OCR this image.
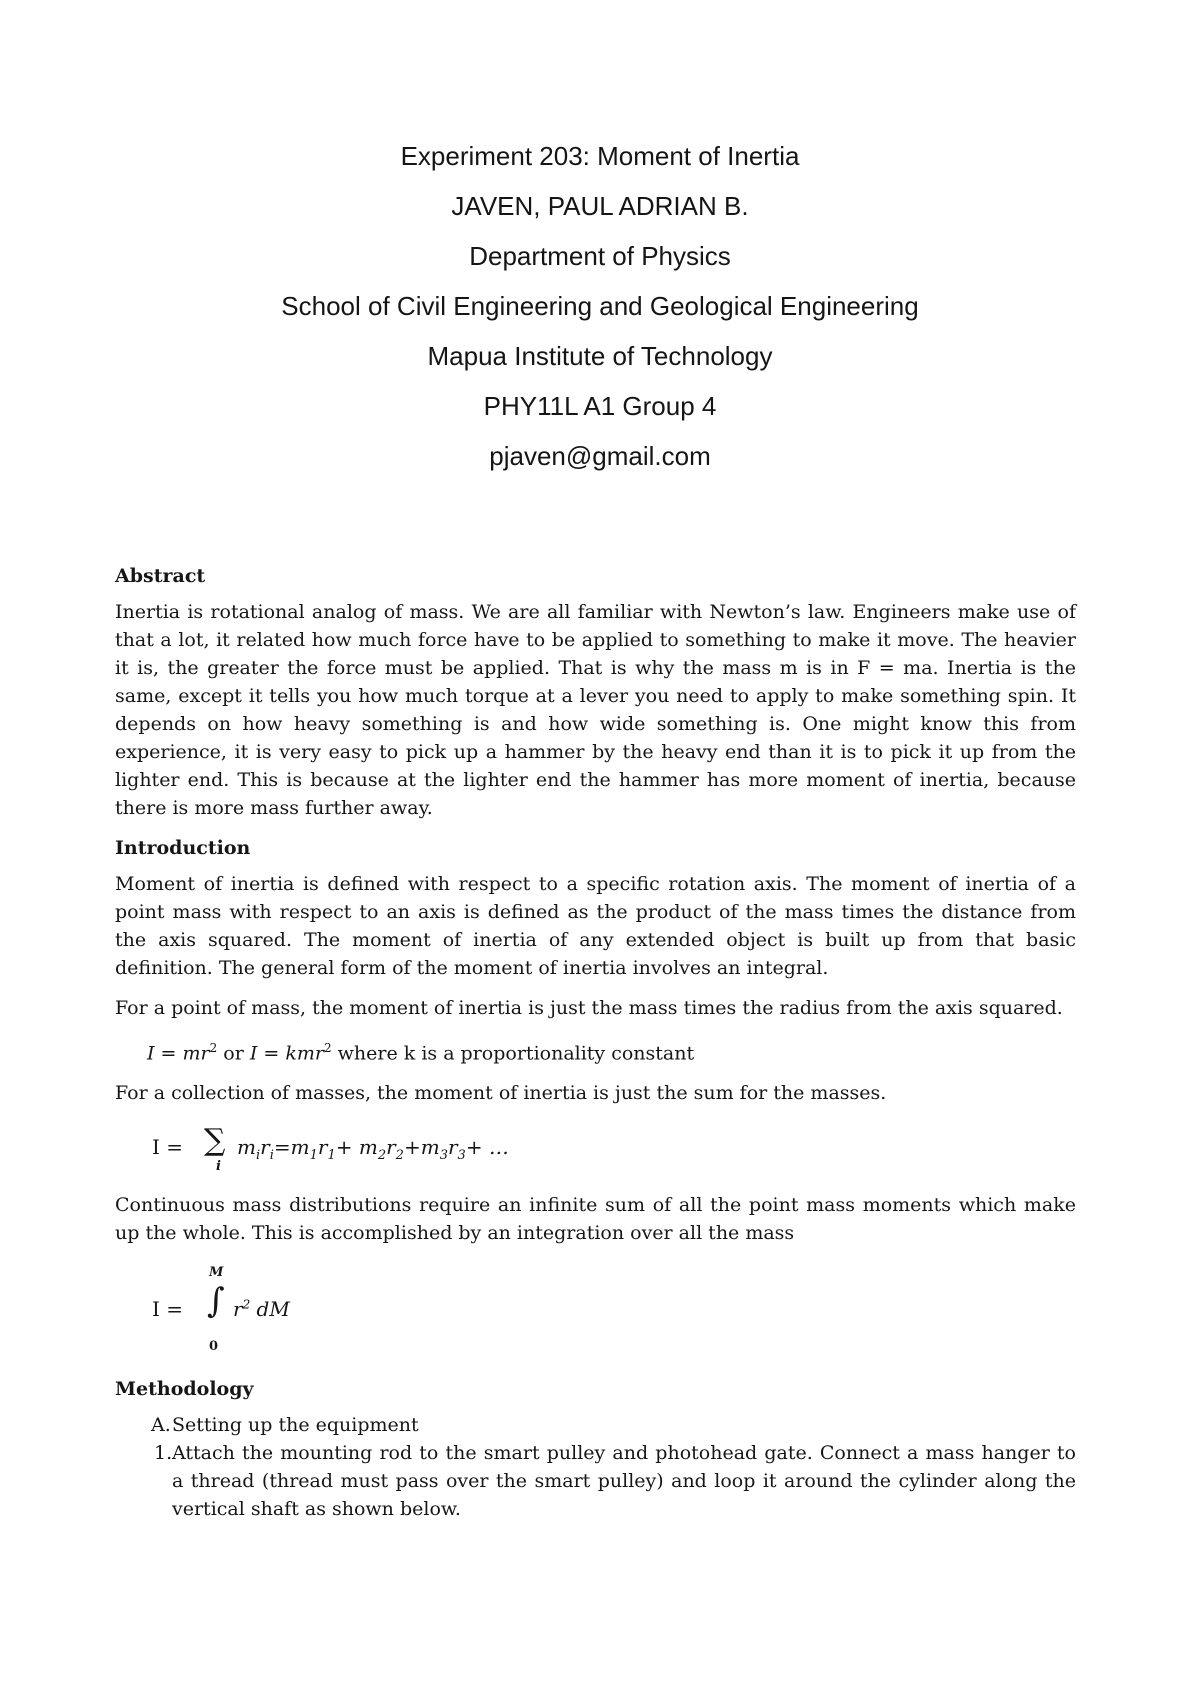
Experiment 203: Moment of Inertia
JAVEN, PAUL ADRIAN B.
Department of Physics
School of Civil Engineering and Geological Engineering
Mapua Institute of Technology
PHY11L A1 Group 4
pjaven@gmail.com
Abstract
Inertia is rotational analog of mass. We are all familiar with Newton’s law. Engineers make use of that a lot, it related how much force have to be applied to something to make it move. The heavier it is, the greater the force must be applied. That is why the mass m is in F = ma. Inertia is the same, except it tells you how much torque at a lever you need to apply to make something spin. It depends on how heavy something is and how wide something is. One might know this from experience, it is very easy to pick up a hammer by the heavy end than it is to pick it up from the lighter end. This is because at the lighter end the hammer has more moment of inertia, because there is more mass further away.
Introduction
Moment of inertia is defined with respect to a specific rotation axis. The moment of inertia of a point mass with respect to an axis is defined as the product of the mass times the distance from the axis squared. The moment of inertia of any extended object is built up from that basic definition. The general form of the moment of inertia involves an integral.
For a point of mass, the moment of inertia is just the mass times the radius from the axis squared.
$I = mr^2$ or I = kmr$^2$ where k is a proportionality constant
For a collection of masses, the moment of inertia is just the sum for the masses.
I = ∑
i
$m_ir_i=m_1r_1+ m_2r_2+m_3r_3+$ …
Continuous mass distributions require an infinite sum of all the point mass moments which make up the whole. This is accomplished by an integration over all the mass
I =
M
∫
0
$r^2$ dM
Methodology
A. Setting up the equipment
1. Attach the mounting rod to the smart pulley and photohead gate. Connect a mass hanger to a thread (thread must pass over the smart pulley) and loop it around the cylinder along the vertical shaft as shown below.
